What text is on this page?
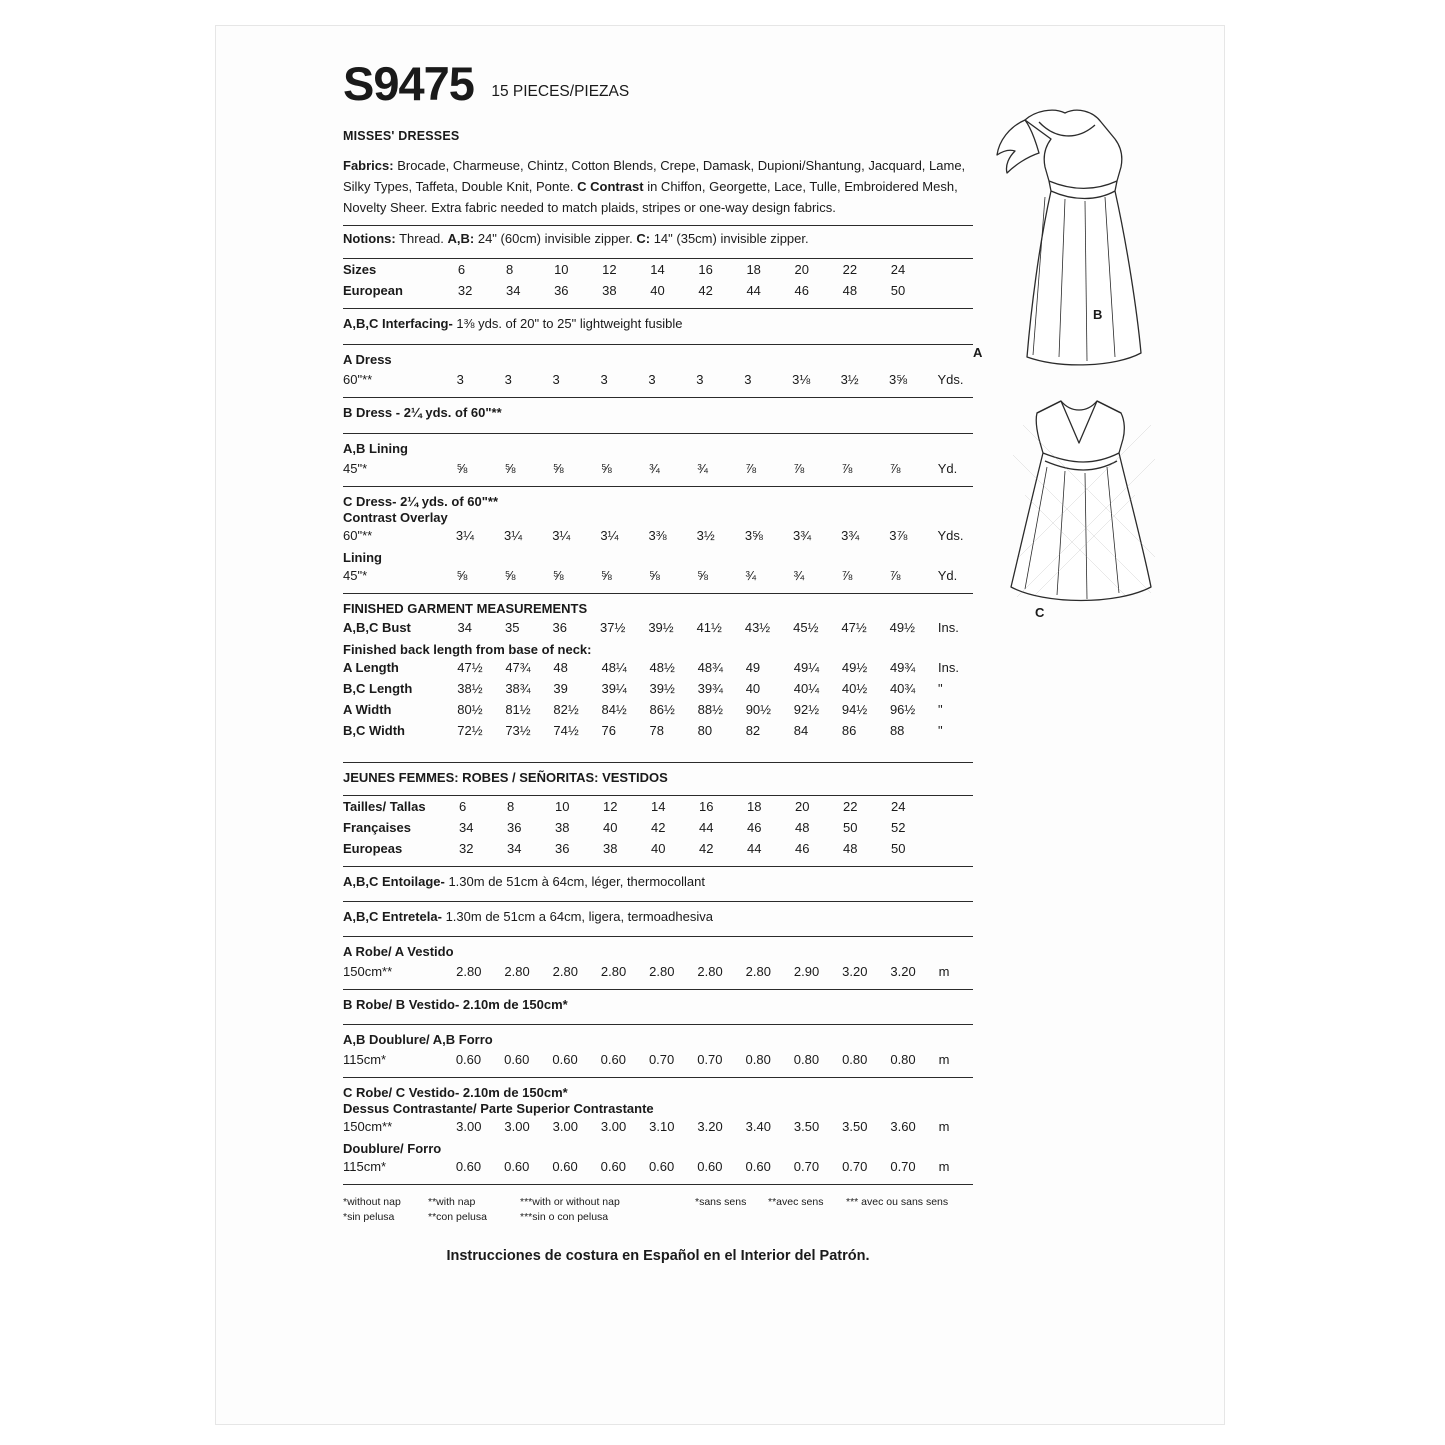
S9475 15 PIECES/PIEZAS
MISSES' DRESSES
Fabrics: Brocade, Charmeuse, Chintz, Cotton Blends, Crepe, Damask, Dupioni/Shantung, Jacquard, Lame, Silky Types, Taffeta, Double Knit, Ponte. C Contrast in Chiffon, Georgette, Lace, Tulle, Embroidered Mesh, Novelty Sheer. Extra fabric needed to match plaids, stripes or one-way design fabrics.
Notions: Thread. A,B: 24" (60cm) invisible zipper. C: 14" (35cm) invisible zipper.
Sizes	6	8	10	12	14	16	18	20	22	24	
European	32	34	36	38	40	42	44	46	48	50	
A,B,C Interfacing- 1⅜ yds. of 20" to 25" lightweight fusible
A Dress
60"**	3	3	3	3	3	3	3	3⅛	3½	3⅝	Yds.
B Dress - 2¼ yds. of 60"**
A,B Lining
45"*	⅝	⅝	⅝	⅝	¾	¾	⅞	⅞	⅞	⅞	Yd.
C Dress- 2¼ yds. of 60"**
Contrast Overlay
60"**	3¼	3¼	3¼	3¼	3⅜	3½	3⅝	3¾	3¾	3⅞	Yds.
Lining
45"*	⅝	⅝	⅝	⅝	⅝	⅝	¾	¾	⅞	⅞	Yd.
FINISHED GARMENT MEASUREMENTS
A,B,C Bust	34	35	36	37½	39½	41½	43½	45½	47½	49½	Ins.
Finished back length from base of neck:
A Length	47½	47¾	48	48¼	48½	48¾	49	49¼	49½	49¾	Ins.
B,C Length	38½	38¾	39	39¼	39½	39¾	40	40¼	40½	40¾	"
A Width	80½	81½	82½	84½	86½	88½	90½	92½	94½	96½	"
B,C Width	72½	73½	74½	76	78	80	82	84	86	88	"
JEUNES FEMMES: ROBES / SEÑORITAS: VESTIDOS
Tailles/ Tallas	6	8	10	12	14	16	18	20	22	24	
Françaises	34	36	38	40	42	44	46	48	50	52	
Europeas	32	34	36	38	40	42	44	46	48	50	
A,B,C Entoilage- 1.30m de 51cm à 64cm, léger, thermocollant
A,B,C Entretela- 1.30m de 51cm a 64cm, ligera, termoadhesiva
A Robe/ A Vestido
150cm**	2.80	2.80	2.80	2.80	2.80	2.80	2.80	2.90	3.20	3.20	m
B Robe/ B Vestido- 2.10m de 150cm*
A,B Doublure/ A,B Forro
115cm*	0.60	0.60	0.60	0.60	0.70	0.70	0.80	0.80	0.80	0.80	m
C Robe/ C Vestido- 2.10m de 150cm*
Dessus Contrastante/ Parte Superior Contrastante
150cm**	3.00	3.00	3.00	3.00	3.10	3.20	3.40	3.50	3.50	3.60	m
Doublure/ Forro
115cm*	0.60	0.60	0.60	0.60	0.60	0.60	0.60	0.70	0.70	0.70	m
*without nap	**with nap	***with or without nap	*sans sens **avec sens *** avec ou sans sens
*sin pelusa	**con pelusa	***sin o con pelusa
Instrucciones de costura en Español en el Interior del Patrón.
B
A
C
